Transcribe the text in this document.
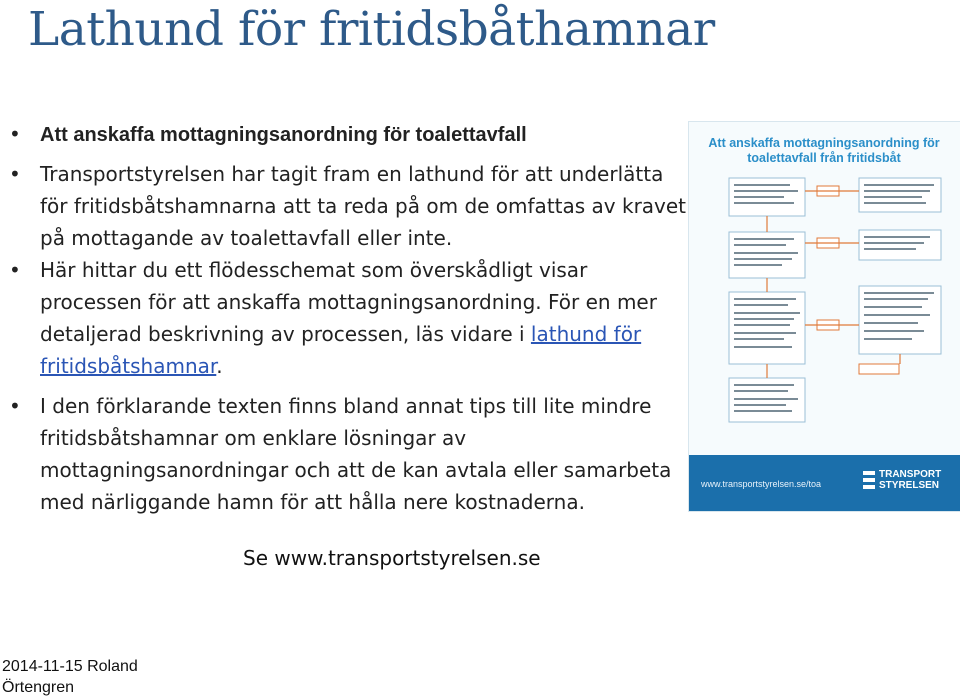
Lathund för fritidsbåthamnar
• Att anskaffa mottagningsanordning för toalettavfall
• Transportstyrelsen har tagit fram en lathund för att underlätta för fritidsbåtshamnarna att ta reda på om de omfattas av kravet på mottagande av toalettavfall eller inte.
• Här hittar du ett flödesschemat som överskådligt visar processen för att anskaffa mottagningsanordning. För en mer detaljerad beskrivning av processen, läs vidare i lathund för fritidsbåtshamnar.
• I den förklarande texten finns bland annat tips till lite mindre fritidsbåtshamnar om enklare lösningar av mottagningsanordningar och att de kan avtala eller samarbeta med närliggande hamn för att hålla nere kostnaderna.
Se www.transportstyrelsen.se
2014-11-15 Roland Örtengren
Att anskaffa mottagningsanordning för toalettavfall från fritidsbåt
www.transportstyrelsen.se/toa
TRANSPORT
STYRELSEN
